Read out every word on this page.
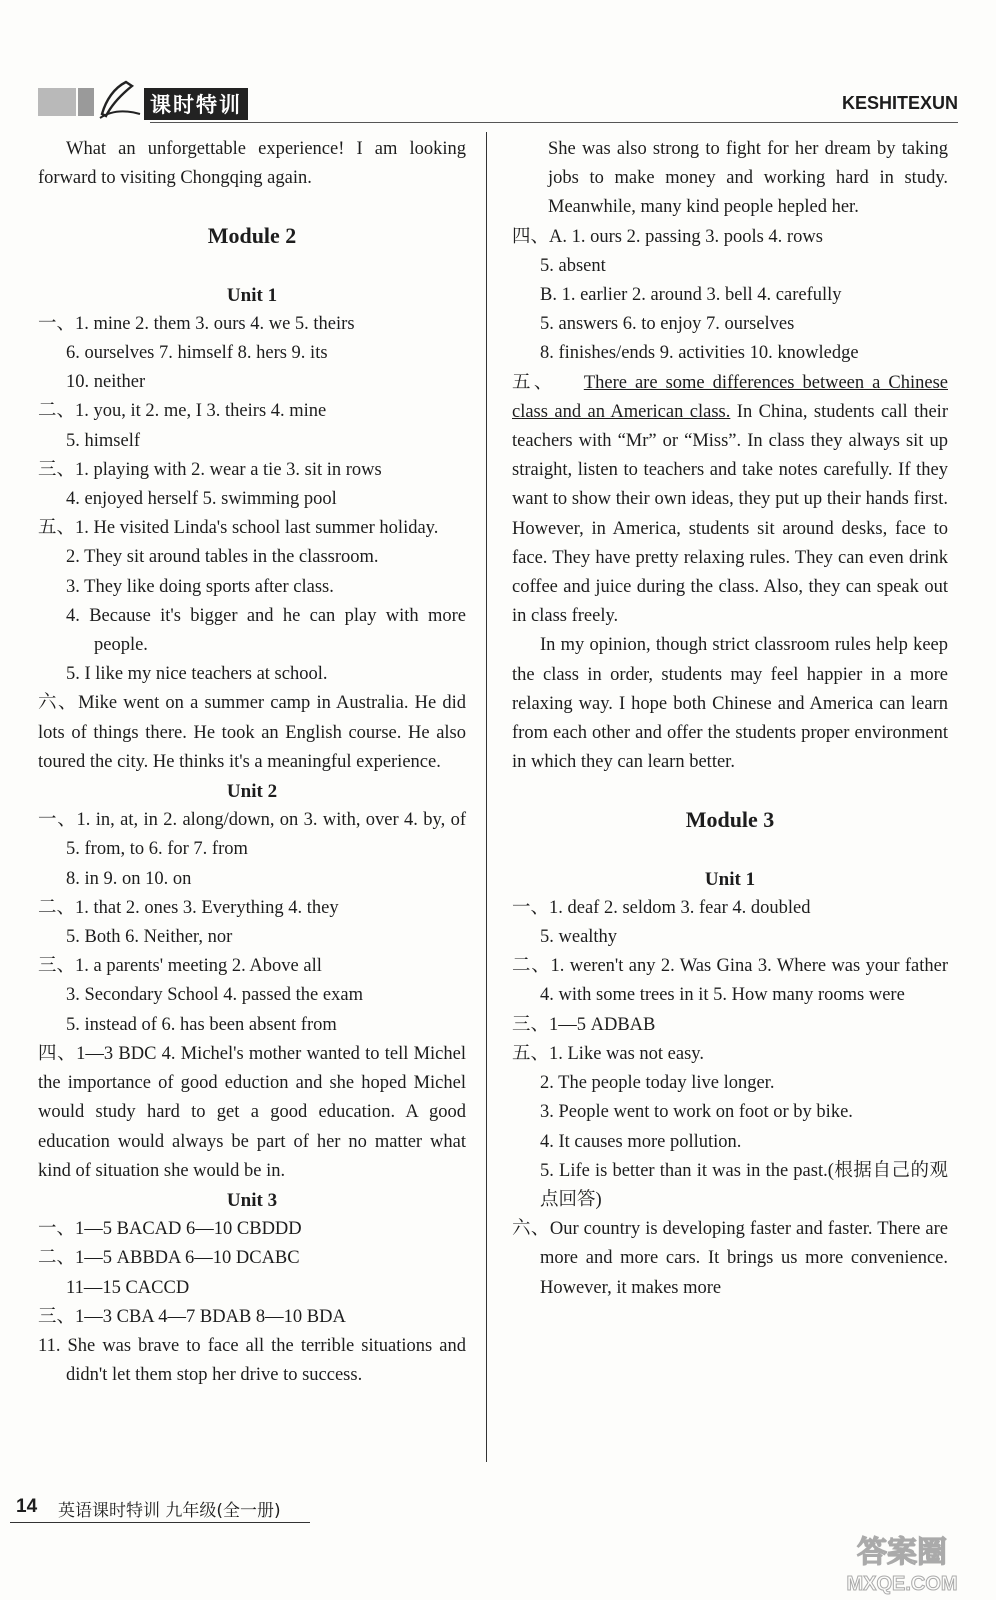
课时特训	KESHITEXUN

What an unforgettable experience! I am looking forward to visiting Chongqing again.

Module 2
Unit 1

一、1. mine 2. them 3. ours 4. we 5. theirs

6. ourselves 7. himself 8. hers 9. its

10. neither

二、1. you, it 2. me, I 3. theirs 4. mine

5. himself

三、1. playing with 2. wear a tie 3. sit in rows

4. enjoyed herself 5. swimming pool

五、1. He visited Linda's school last summer holiday.

2. They sit around tables in the classroom.

3. They like doing sports after class.

4. Because it's bigger and he can play with more people.

5. I like my nice teachers at school.

六、Mike went on a summer camp in Australia. He did lots of things there. He took an English course. He also toured the city. He thinks it's a meaningful experience.

Unit 2

一、1. in, at, in 2. along/down, on 3. with, over 4. by, of 5. from, to 6. for 7. from

8. in 9. on 10. on

二、1. that 2. ones 3. Everything 4. they

5. Both 6. Neither, nor

三、1. a parents' meeting 2. Above all

3. Secondary School 4. passed the exam

5. instead of 6. has been absent from

四、1—3 BDC 4. Michel's mother wanted to tell Michel the importance of good eduction and she hoped Michel would study hard to get a good education. A good education would always be part of her no matter what kind of situation she would be in.

Unit 3

一、1—5 BACAD 6—10 CBDDD

二、1—5 ABBDA 6—10 DCABC

11—15 CACCD

三、1—3 CBA 4—7 BDAB 8—10 BDA

11. She was brave to face all the terrible situations and didn't let them stop her drive to success.

She was also strong to fight for her dream by taking jobs to make money and working hard in study. Meanwhile, many kind people hepled her.

四、A. 1. ours 2. passing 3. pools 4. rows

5. absent

B. 1. earlier 2. around 3. bell 4. carefully

5. answers 6. to enjoy 7. ourselves

8. finishes/ends 9. activities 10. knowledge

五、 There are some differences between a Chinese class and an American class. In China, students call their teachers with “Mr” or “Miss”. In class they always sit up straight, listen to teachers and take notes carefully. If they want to show their own ideas, they put up their hands first. However, in America, students sit around desks, face to face. They have pretty relaxing rules. They can even drink coffee and juice during the class. Also, they can speak out in class freely.

In my opinion, though strict classroom rules help keep the class in order, students may feel happier in a more relaxing way. I hope both Chinese and America can learn from each other and offer the students proper environment in which they can learn better.

Module 3
Unit 1

一、1. deaf 2. seldom 3. fear 4. doubled

5. wealthy

二、1. weren't any 2. Was Gina 3. Where was your father 4. with some trees in it 5. How many rooms were

三、1—5 ADBAB

五、1. Like was not easy.

2. The people today live longer.

3. People went to work on foot or by bike.

4. It causes more pollution.

5. Life is better than it was in the past.(根据自己的观点回答)

六、Our country is developing faster and faster. There are more and more cars. It brings us more convenience. However, it makes more

14 英语课时特训 九年级(全一册)
答案圈
MXQE.COM
